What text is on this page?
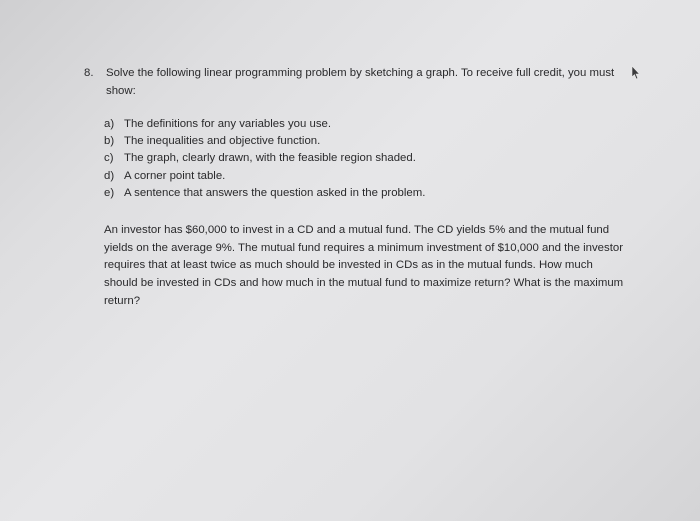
8.	Solve the following linear programming problem by sketching a graph. To receive full credit, you must show:
a) The definitions for any variables you use.
b) The inequalities and objective function.
c) The graph, clearly drawn, with the feasible region shaded.
d) A corner point table.
e) A sentence that answers the question asked in the problem.

An investor has $60,000 to invest in a CD and a mutual fund. The CD yields 5% and the mutual fund yields on the average 9%. The mutual fund requires a minimum investment of $10,000 and the investor requires that at least twice as much should be invested in CDs as in the mutual funds. How much should be invested in CDs and how much in the mutual fund to maximize return? What is the maximum return?
